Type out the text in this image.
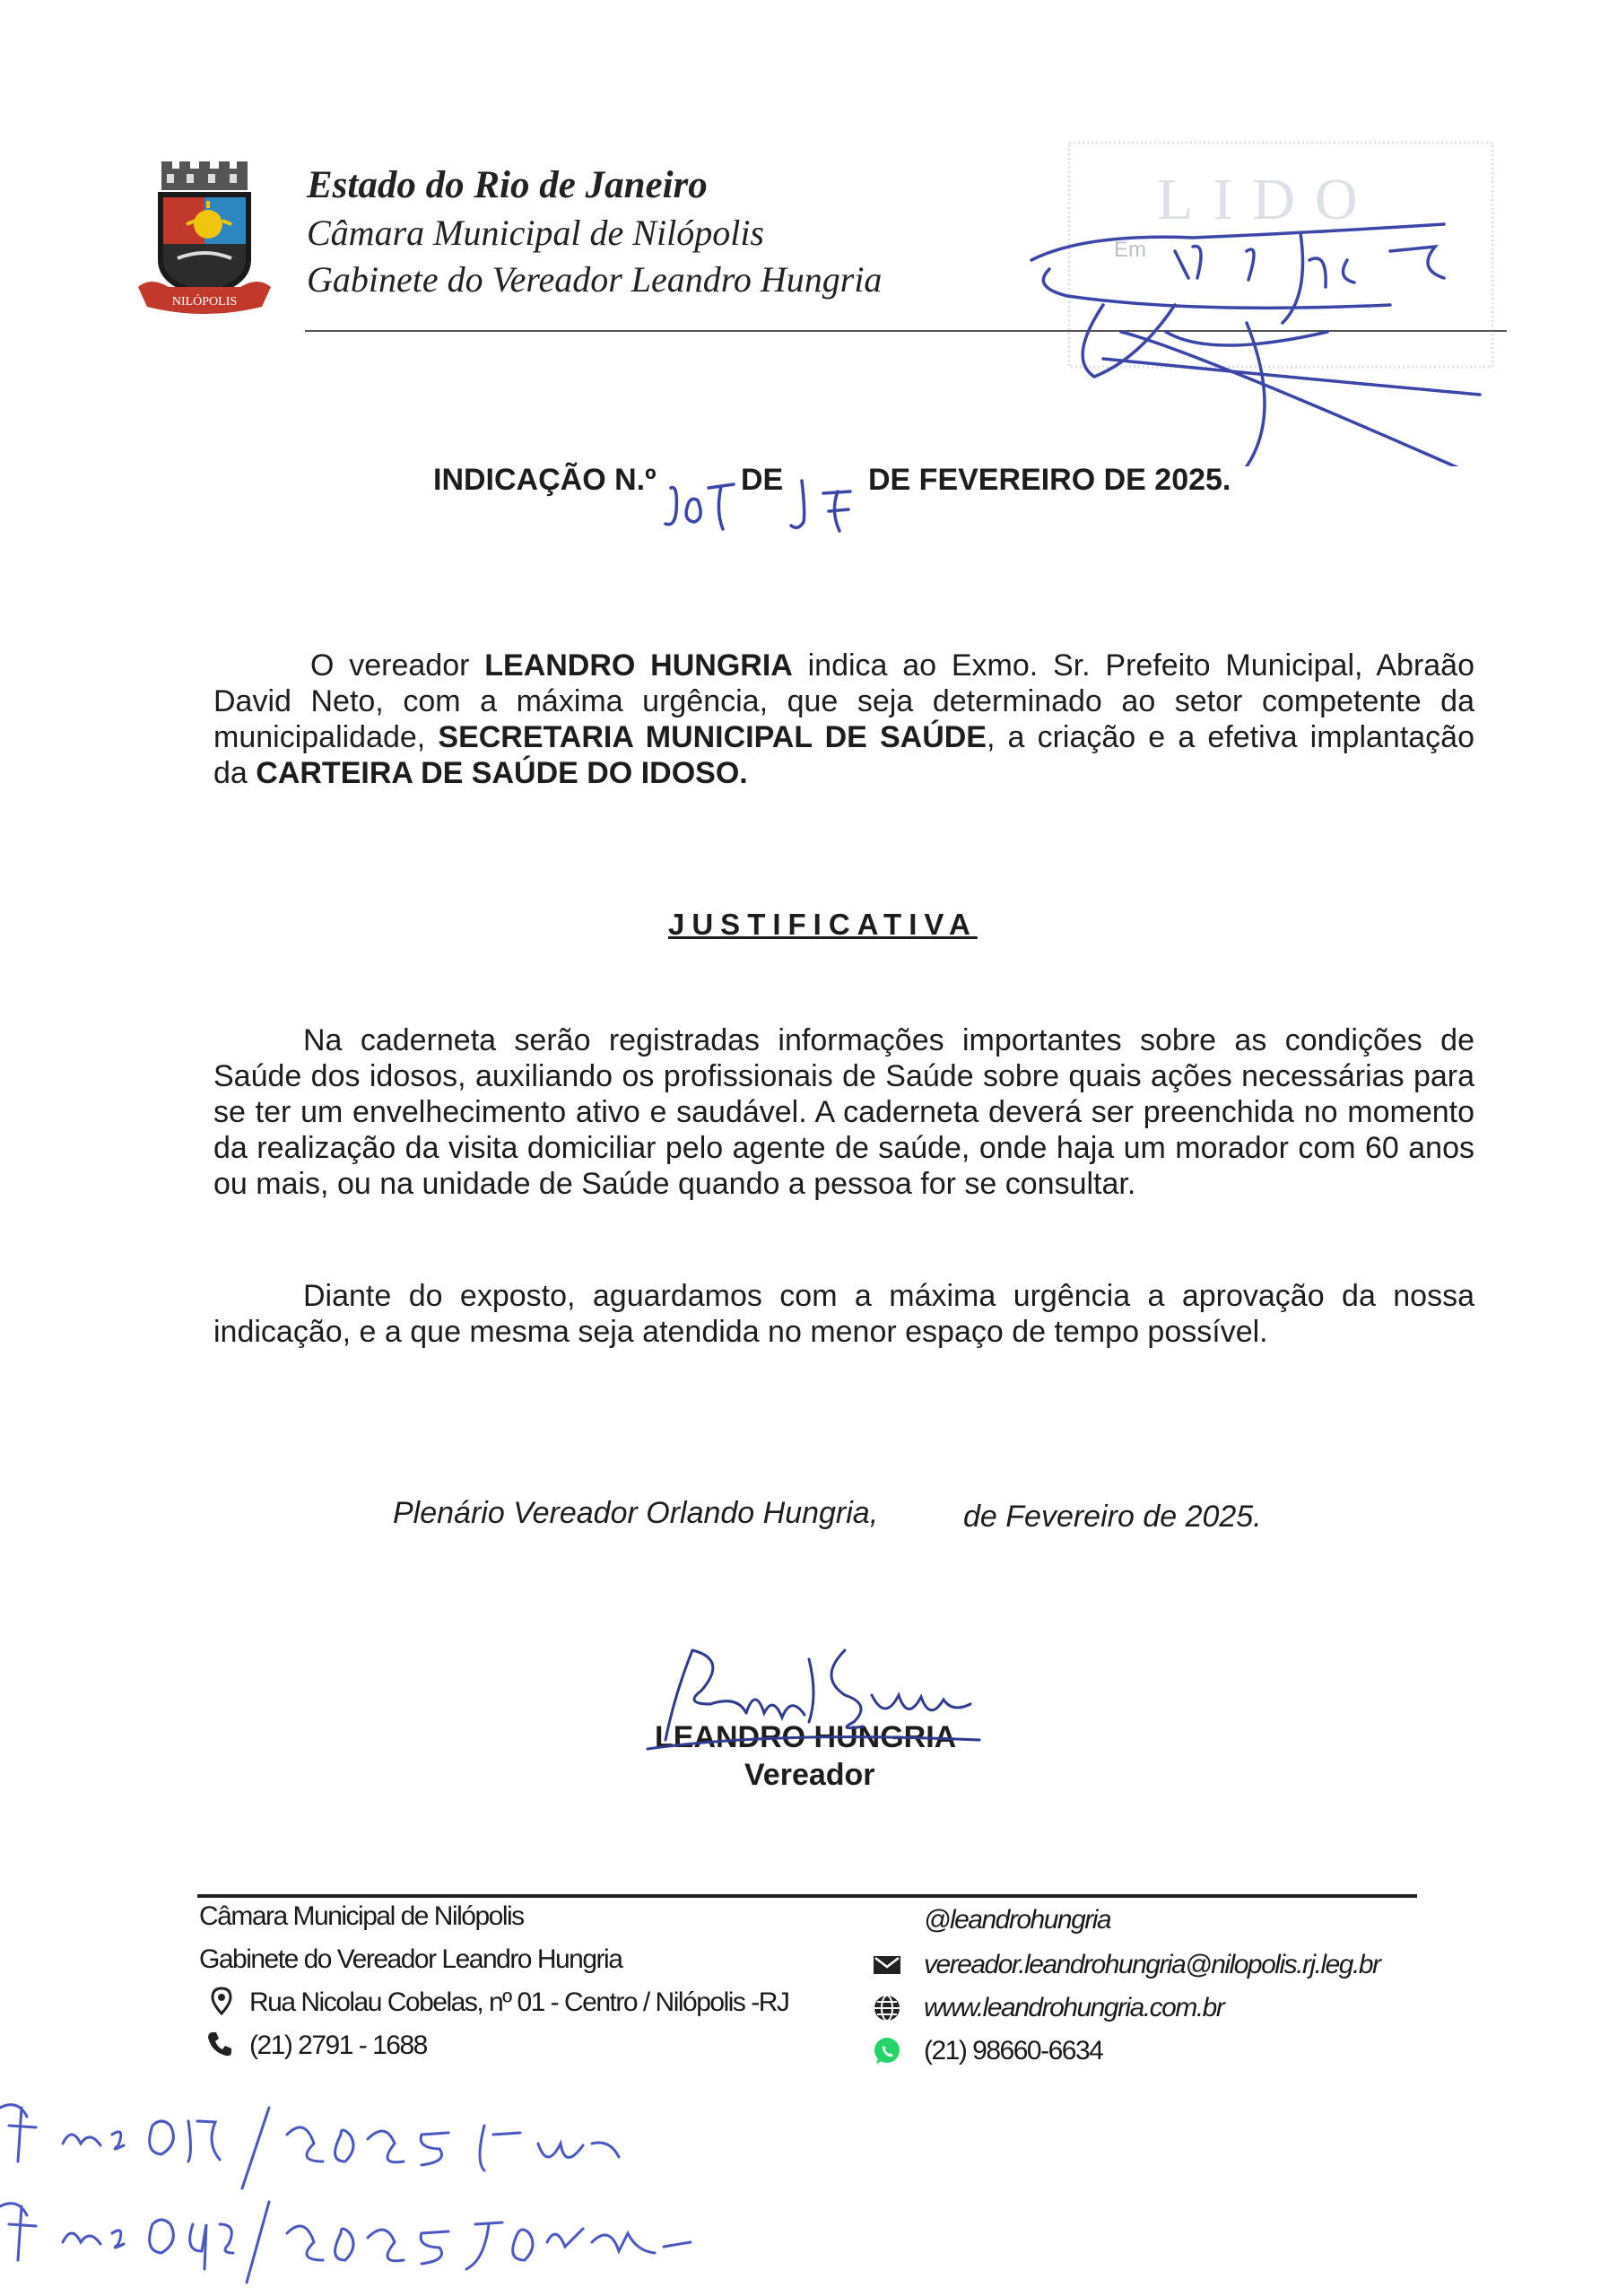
NILÓPOLIS
Estado do Rio de Janeiro
Câmara Municipal de Nilópolis
Gabinete do Vereador Leandro Hungria
LIDO
Em
INDICAÇÃO N.º	DE	DE FEVEREIRO DE 2025.
O vereador LEANDRO HUNGRIA indica ao Exmo. Sr. Prefeito Municipal, Abraão David Neto, com a máxima urgência, que seja determinado ao setor competente da municipalidade, SECRETARIA MUNICIPAL DE SAÚDE, a criação e a efetiva implantação da CARTEIRA DE SAÚDE DO IDOSO.
JUSTIFICATIVA
Na caderneta serão registradas informações importantes sobre as condições de Saúde dos idosos, auxiliando os profissionais de Saúde sobre quais ações necessárias para se ter um envelhecimento ativo e saudável. A caderneta deverá ser preenchida no momento da realização da visita domiciliar pelo agente de saúde, onde haja um morador com 60 anos ou mais, ou na unidade de Saúde quando a pessoa for se consultar.
Diante do exposto, aguardamos com a máxima urgência a aprovação da nossa indicação, e a que mesma seja atendida no menor espaço de tempo possível.
Plenário Vereador Orlando Hungria,	de Fevereiro de 2025.
LEANDRO HUNGRIA
Vereador
Câmara Municipal de Nilópolis
Gabinete do Vereador Leandro Hungria
Rua Nicolau Cobelas, nº 01 - Centro / Nilópolis -RJ
(21) 2791 - 1688
@leandrohungria
vereador.leandrohungria@nilopolis.rj.leg.br
www.leandrohungria.com.br
(21) 98660-6634
